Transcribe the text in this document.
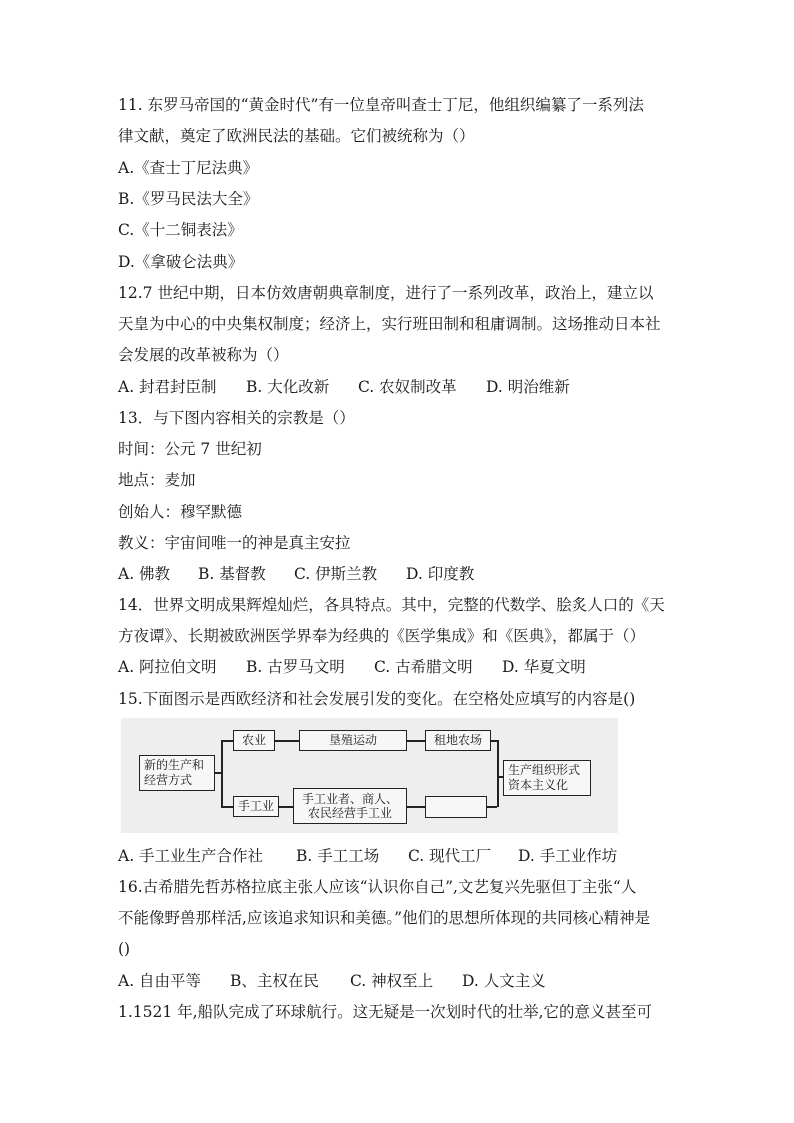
11. 东罗马帝国的“黄金时代”有一位皇帝叫查士丁尼，他组织编纂了一系列法
律文献，奠定了欧洲民法的基础。它们被统称为（）
A.《查士丁尼法典》
B.《罗马民法大全》
C.《十二铜表法》
D.《拿破仑法典》
12.7 世纪中期，日本仿效唐朝典章制度，进行了一系列改革，政治上，建立以
天皇为中心的中央集权制度；经济上，实行班田制和租庸调制。这场推动日本社
会发展的改革被称为（）
A. 封君封臣制 B. 大化改新 C. 农奴制改革 D. 明治维新
13．与下图内容相关的宗教是（）
时间：公元 7 世纪初
地点：麦加
创始人：穆罕默德
教义：宇宙间唯一的神是真主安拉
A. 佛教 B. 基督教 C. 伊斯兰教 D. 印度教
14．世界文明成果辉煌灿烂，各具特点。其中，完整的代数学、脍炙人口的《天
方夜谭》、长期被欧洲医学界奉为经典的《医学集成》和《医典》，都属于（）
A. 阿拉伯文明 B. 古罗马文明 C. 古希腊文明 D. 华夏文明
15.下面图示是西欧经济和社会发展引发的变化。在空格处应填写的内容是()
新的生产和
经营方式
农业	垦殖运动	租地农场
手工业	手工业者、商人、
农民经营手工业
生产组织形式
资本主义化
A. 手工业生产合作社 B. 手工工场 C. 现代工厂 D. 手工业作坊
16.古希腊先哲苏格拉底主张人应该“认识你自己”,文艺复兴先驱但丁主张“人
不能像野兽那样活,应该追求知识和美德。”他们的思想所体现的共同核心精神是
()
A. 自由平等 B、主权在民 C. 神权至上 D. 人文主义
1.1521 年,船队完成了环球航行。这无疑是一次划时代的壮举,它的意义甚至可
